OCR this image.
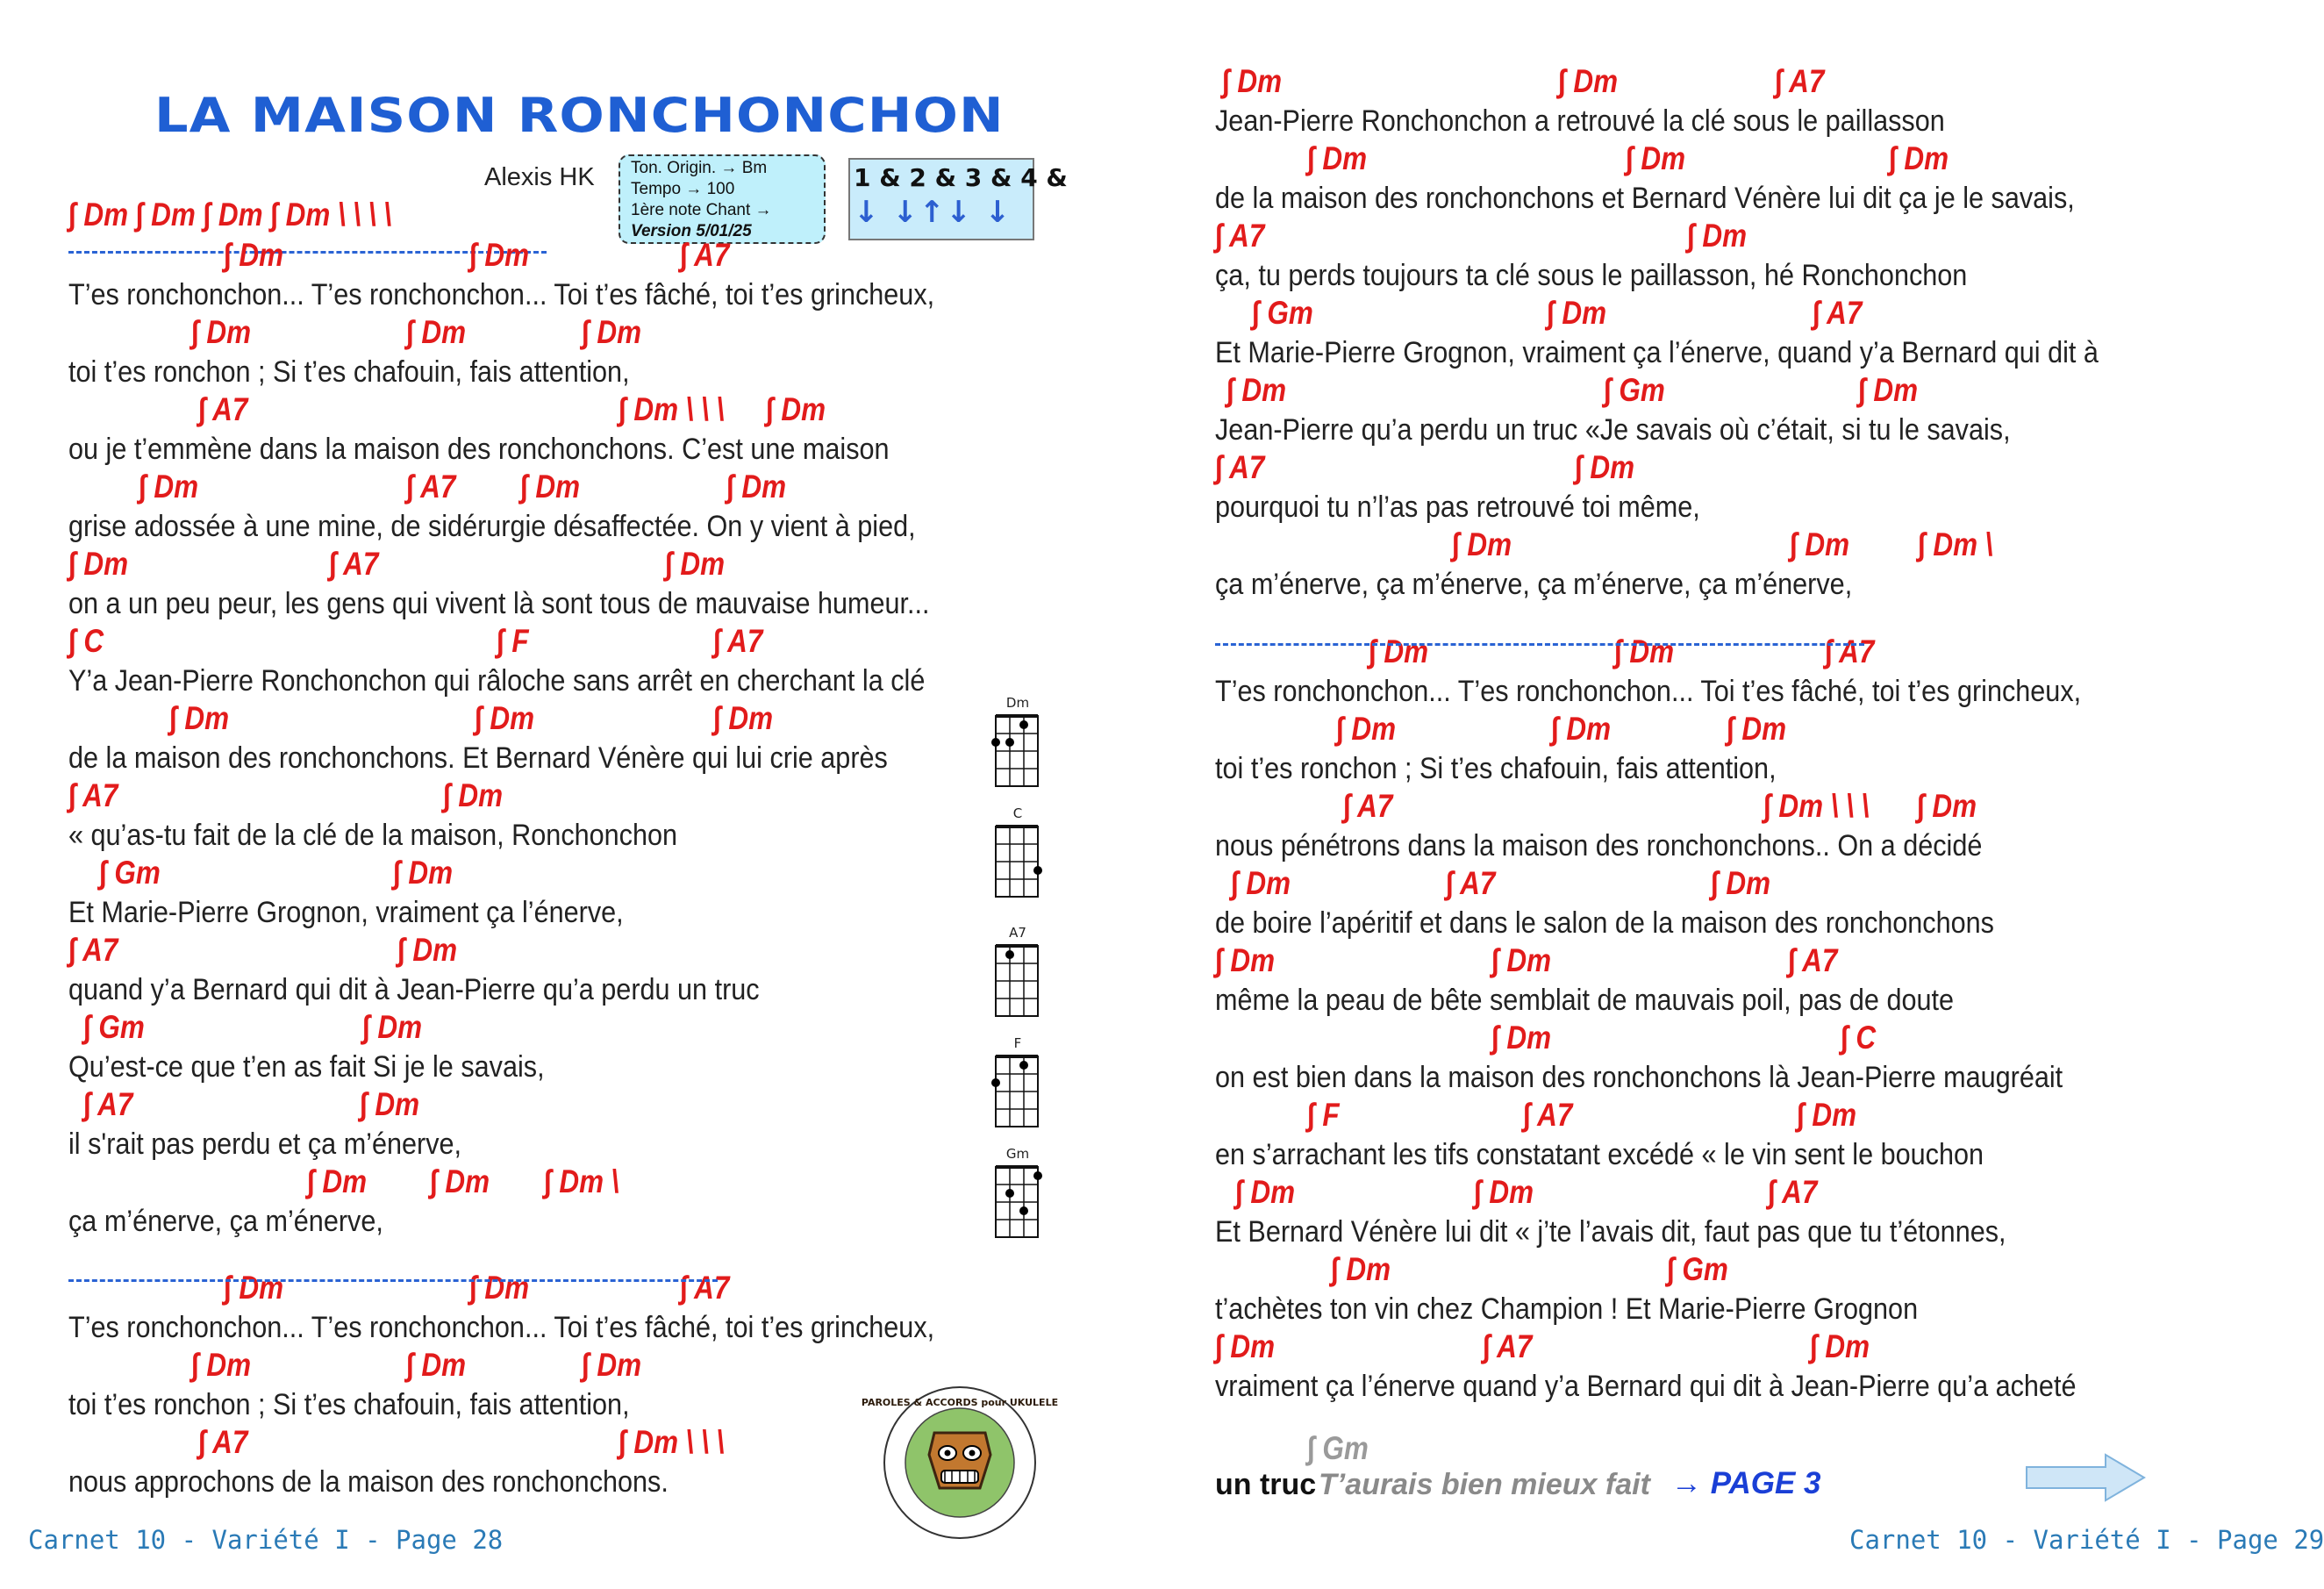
LA MAISON RONCHONCHON
Alexis HK Ton. Origin. → Bm
Tempo → 100
1ère note Chant →
Version 5/01/25
1 & 2 & 3 & 4 &
↓ ↓↑↓ ↓
∫ Dm ∫ Dm ∫ Dm ∫ Dm \ \ \ \
∫ Dm	∫ Dm	∫ A7
T’es ronchonchon... T’es ronchonchon... Toi t’es fâché, toi t’es grincheux,
∫ Dm	∫ Dm	∫ Dm
toi t’es ronchon ; Si t’es chafouin, fais attention,
∫ A7	∫ Dm \ \ \ ∫ Dm
ou je t’emmène dans la maison des ronchonchons. C’est une maison
∫ Dm	∫ A7 ∫ Dm	∫ Dm
grise adossée à une mine, de sidérurgie désaffectée. On y vient à pied,
∫ Dm	∫ A7	∫ Dm
on a un peu peur, les gens qui vivent là sont tous de mauvaise humeur...
∫ C	∫ F	∫ A7
Y’a Jean-Pierre Ronchonchon qui râloche sans arrêt en cherchant la clé
∫ Dm	∫ Dm	∫ Dm
de la maison des ronchonchons. Et Bernard Vénère qui lui crie après
∫ A7	∫ Dm
« qu’as-tu fait de la clé de la maison, Ronchonchon
∫ Gm	∫ Dm
Et Marie-Pierre Grognon, vraiment ça l’énerve,
∫ A7	∫ Dm
quand y’a Bernard qui dit à Jean-Pierre qu’a perdu un truc
∫ Gm	∫ Dm
Qu’est-ce que t’en as fait Si je le savais,
∫ A7	∫ Dm
il s'rait pas perdu et ça m’énerve,
∫ Dm ∫ Dm ∫ Dm \
ça m’énerve, ça m’énerve,
∫ Dm	∫ Dm	∫ A7
T’es ronchonchon... T’es ronchonchon... Toi t’es fâché, toi t’es grincheux,
∫ Dm	∫ Dm	∫ Dm
toi t’es ronchon ; Si t’es chafouin, fais attention,
∫ A7	∫ Dm \ \ \
nous approchons de la maison des ronchonchons.
Dm
C
A7
F
Gm
PAROLES & ACCORDS pour UKULELE
Carnet 10 - Variété I - Page 28
∫ Dm	∫ Dm	∫ A7
Jean-Pierre Ronchonchon a retrouvé la clé sous le paillasson
∫ Dm	∫ Dm	∫ Dm
de la maison des ronchonchons et Bernard Vénère lui dit ça je le savais,
∫ A7	∫ Dm
ça, tu perds toujours ta clé sous le paillasson, hé Ronchonchon
∫ Gm	∫ Dm	∫ A7
Et Marie-Pierre Grognon, vraiment ça l’énerve, quand y’a Bernard qui dit à
∫ Dm	∫ Gm	∫ Dm
Jean-Pierre qu’a perdu un truc «Je savais où c’était, si tu le savais,
∫ A7	∫ Dm
pourquoi tu n’l’as pas retrouvé toi même,
∫ Dm	∫ Dm ∫ Dm \
ça m’énerve, ça m’énerve, ça m’énerve, ça m’énerve,
∫ Dm	∫ Dm	∫ A7
T’es ronchonchon... T’es ronchonchon... Toi t’es fâché, toi t’es grincheux,
∫ Dm	∫ Dm	∫ Dm
toi t’es ronchon ; Si t’es chafouin, fais attention,
∫ A7	∫ Dm \ \ \ ∫ Dm
nous pénétrons dans la maison des ronchonchons.. On a décidé
∫ Dm	∫ A7	∫ Dm
de boire l’apéritif et dans le salon de la maison des ronchonchons
∫ Dm	∫ Dm	∫ A7
même la peau de bête semblait de mauvais poil, pas de doute
∫ Dm	∫ C
on est bien dans la maison des ronchonchons là Jean-Pierre maugréait
∫ F	∫ A7	∫ Dm
en s’arrachant les tifs constatant excédé « le vin sent le bouchon
∫ Dm	∫ Dm	∫ A7
Et Bernard Vénère lui dit « j’te l’avais dit, faut pas que tu t’étonnes,
∫ Dm	∫ Gm
t’achètes ton vin chez Champion ! Et Marie-Pierre Grognon
∫ Dm	∫ A7	∫ Dm
vraiment ça l’énerve quand y’a Bernard qui dit à Jean-Pierre qu’a acheté
∫ Gm
un truc T’aurais bien mieux fait → PAGE 3
Carnet 10 - Variété I - Page 29
